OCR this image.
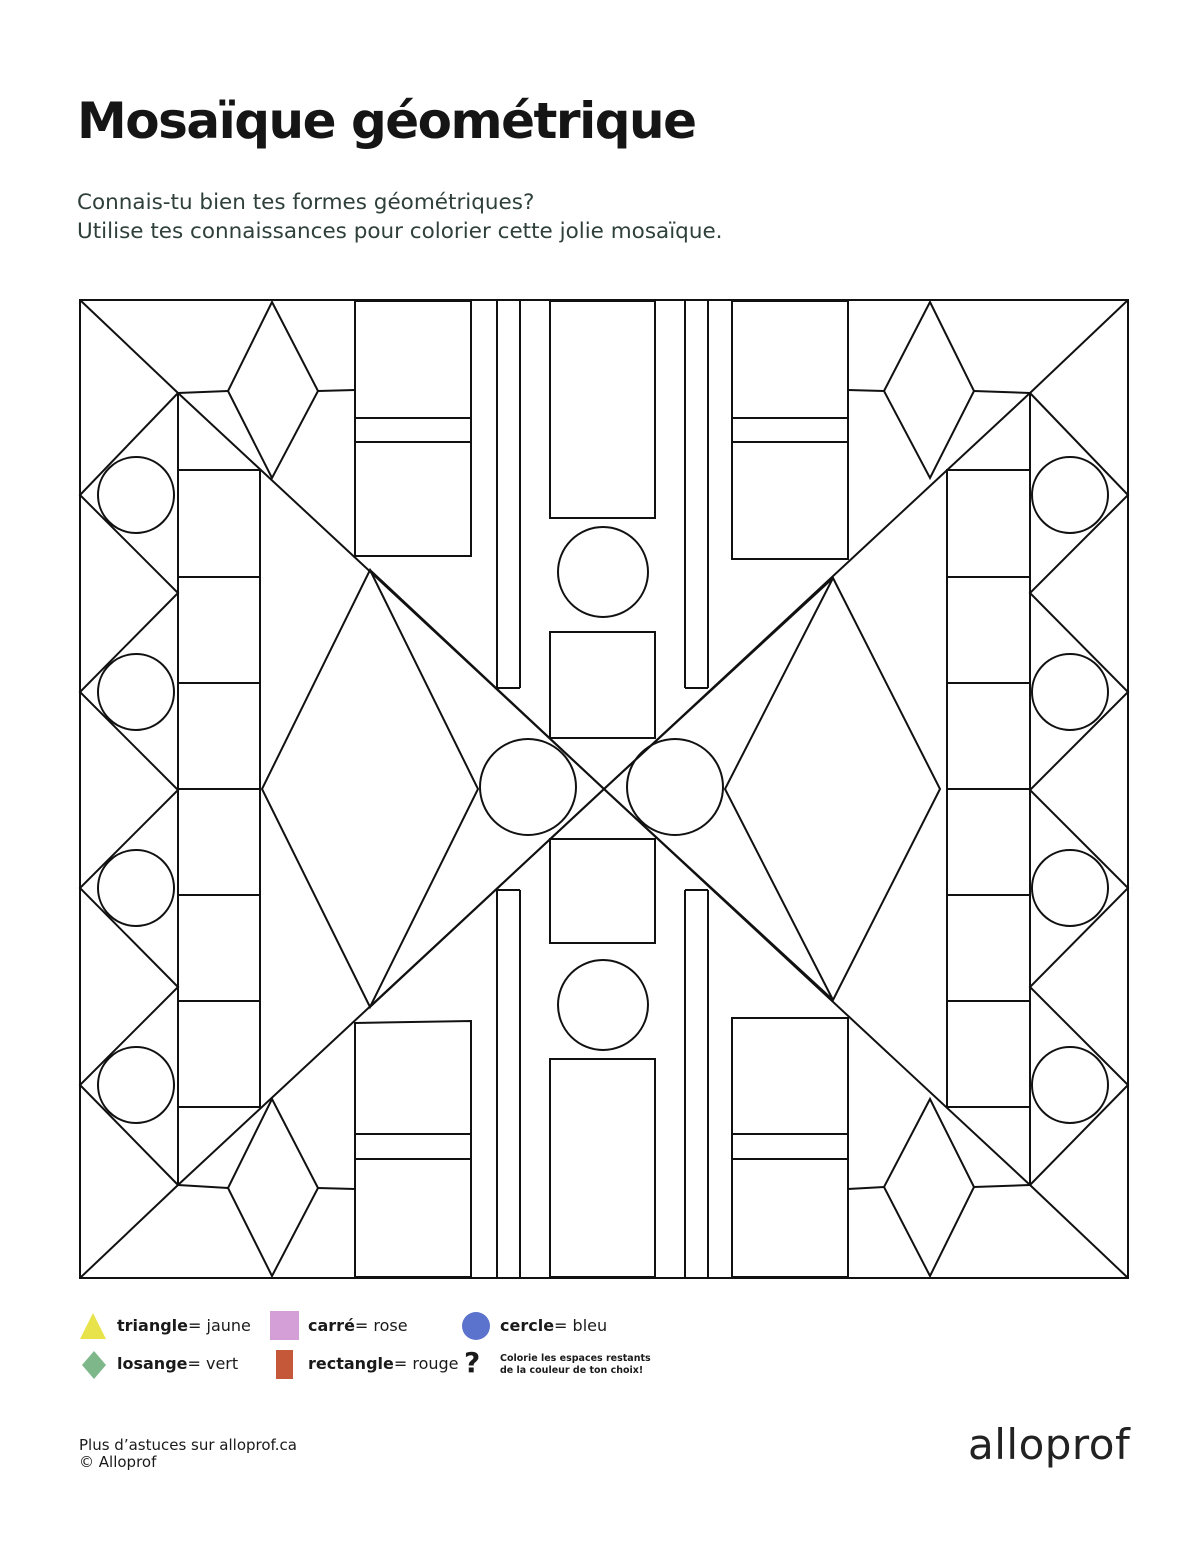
Mosaïque géométrique

Connais-tu bien tes formes géométriques?
Utilise tes connaissances pour colorier cette jolie mosaïque.

triangle = jaune	carré = rose	cercle = bleu
losange = vert	rectangle = rouge ? Colorie les espaces restants
de la couleur de ton choix!
Plus d’astuces sur alloprof.ca
© Alloprof	alloprof
